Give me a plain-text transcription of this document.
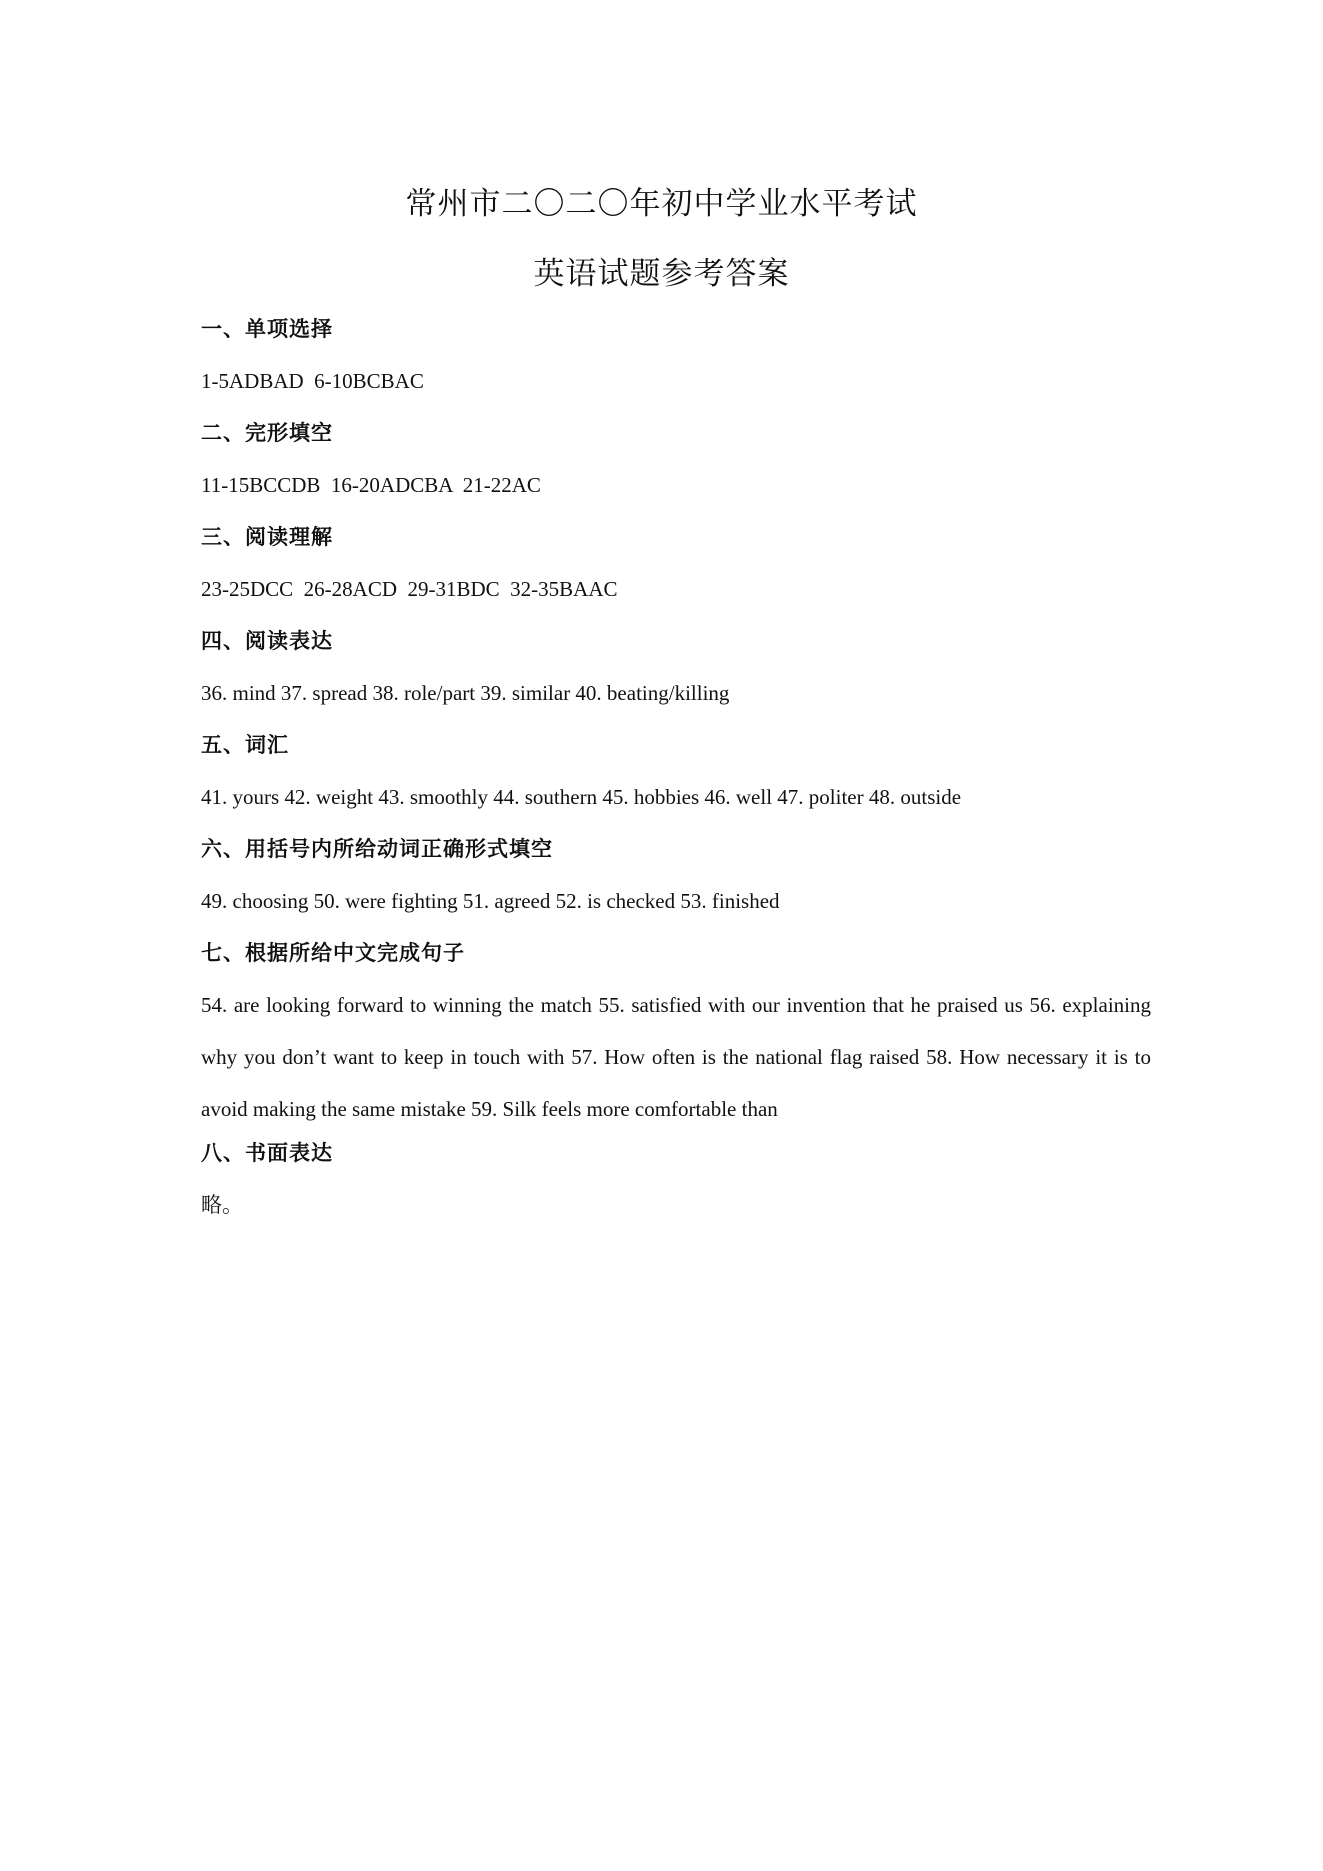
常州市二〇二〇年初中学业水平考试
英语试题参考答案
一、单项选择
1-5ADBAD  6-10BCBAC
二、完形填空
11-15BCCDB  16-20ADCBA  21-22AC
三、阅读理解
23-25DCC  26-28ACD  29-31BDC  32-35BAAC
四、阅读表达
36. mind 37. spread 38. role/part 39. similar 40. beating/killing
五、词汇
41. yours 42. weight 43. smoothly 44. southern 45. hobbies 46. well 47. politer 48. outside
六、用括号内所给动词正确形式填空
49. choosing 50. were fighting 51. agreed 52. is checked 53. finished
七、根据所给中文完成句子
54. are looking forward to winning the match 55. satisfied with our invention that he praised us 56. explaining why you don’t want to keep in touch with 57. How often is the national flag raised 58. How necessary it is to avoid making the same mistake 59. Silk feels more comfortable than
八、书面表达
略。
